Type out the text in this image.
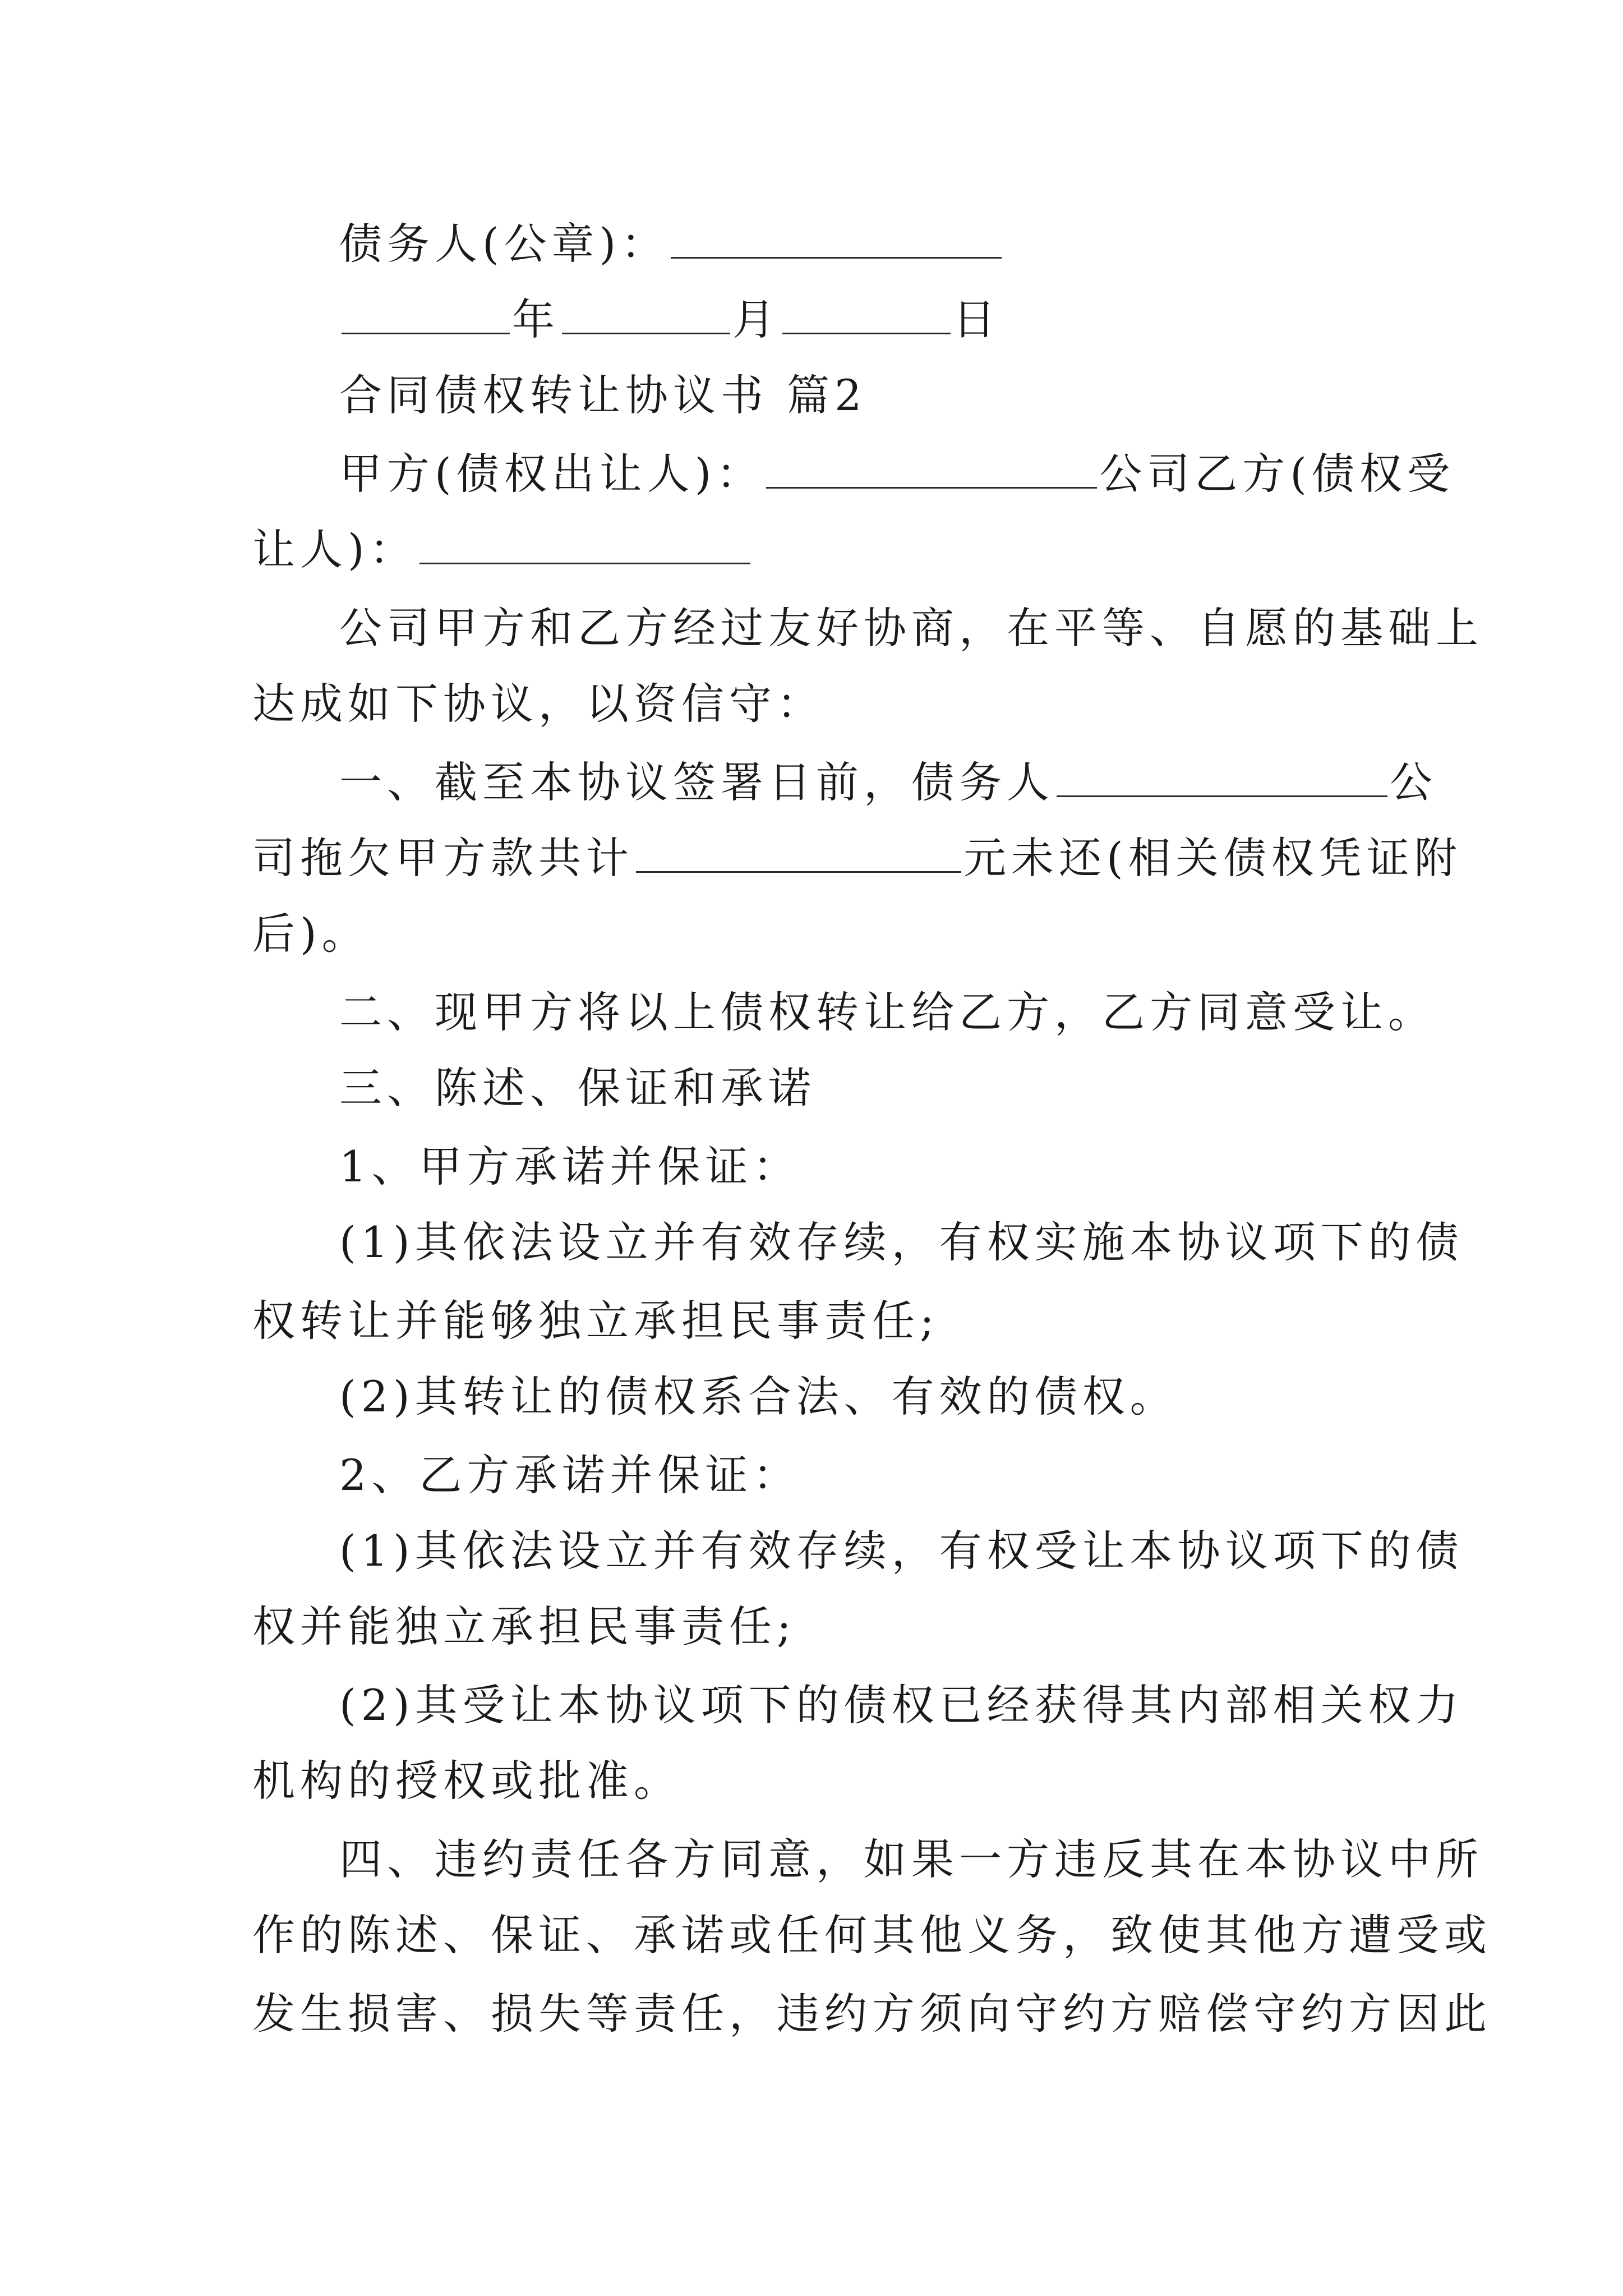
债务人(公章)：
年	月	日
合同债权转让协议书 篇2
甲方(债权出让人)：	公司乙方(债权受
让人)：
公司甲方和乙方经过友好协商，在平等、自愿的基础上
达成如下协议，以资信守：
一、截至本协议签署日前，债务人	公
司拖欠甲方款共计	元未还(相关债权凭证附
后)。
二、现甲方将以上债权转让给乙方，乙方同意受让。
三、陈述、保证和承诺
1、甲方承诺并保证：
(1)其依法设立并有效存续，有权实施本协议项下的债
权转让并能够独立承担民事责任;
(2)其转让的债权系合法、有效的债权。
2、乙方承诺并保证：
(1)其依法设立并有效存续，有权受让本协议项下的债
权并能独立承担民事责任;
(2)其受让本协议项下的债权已经获得其内部相关权力
机构的授权或批准。
四、违约责任各方同意，如果一方违反其在本协议中所
作的陈述、保证、承诺或任何其他义务，致使其他方遭受或
发生损害、损失等责任，违约方须向守约方赔偿守约方因此
